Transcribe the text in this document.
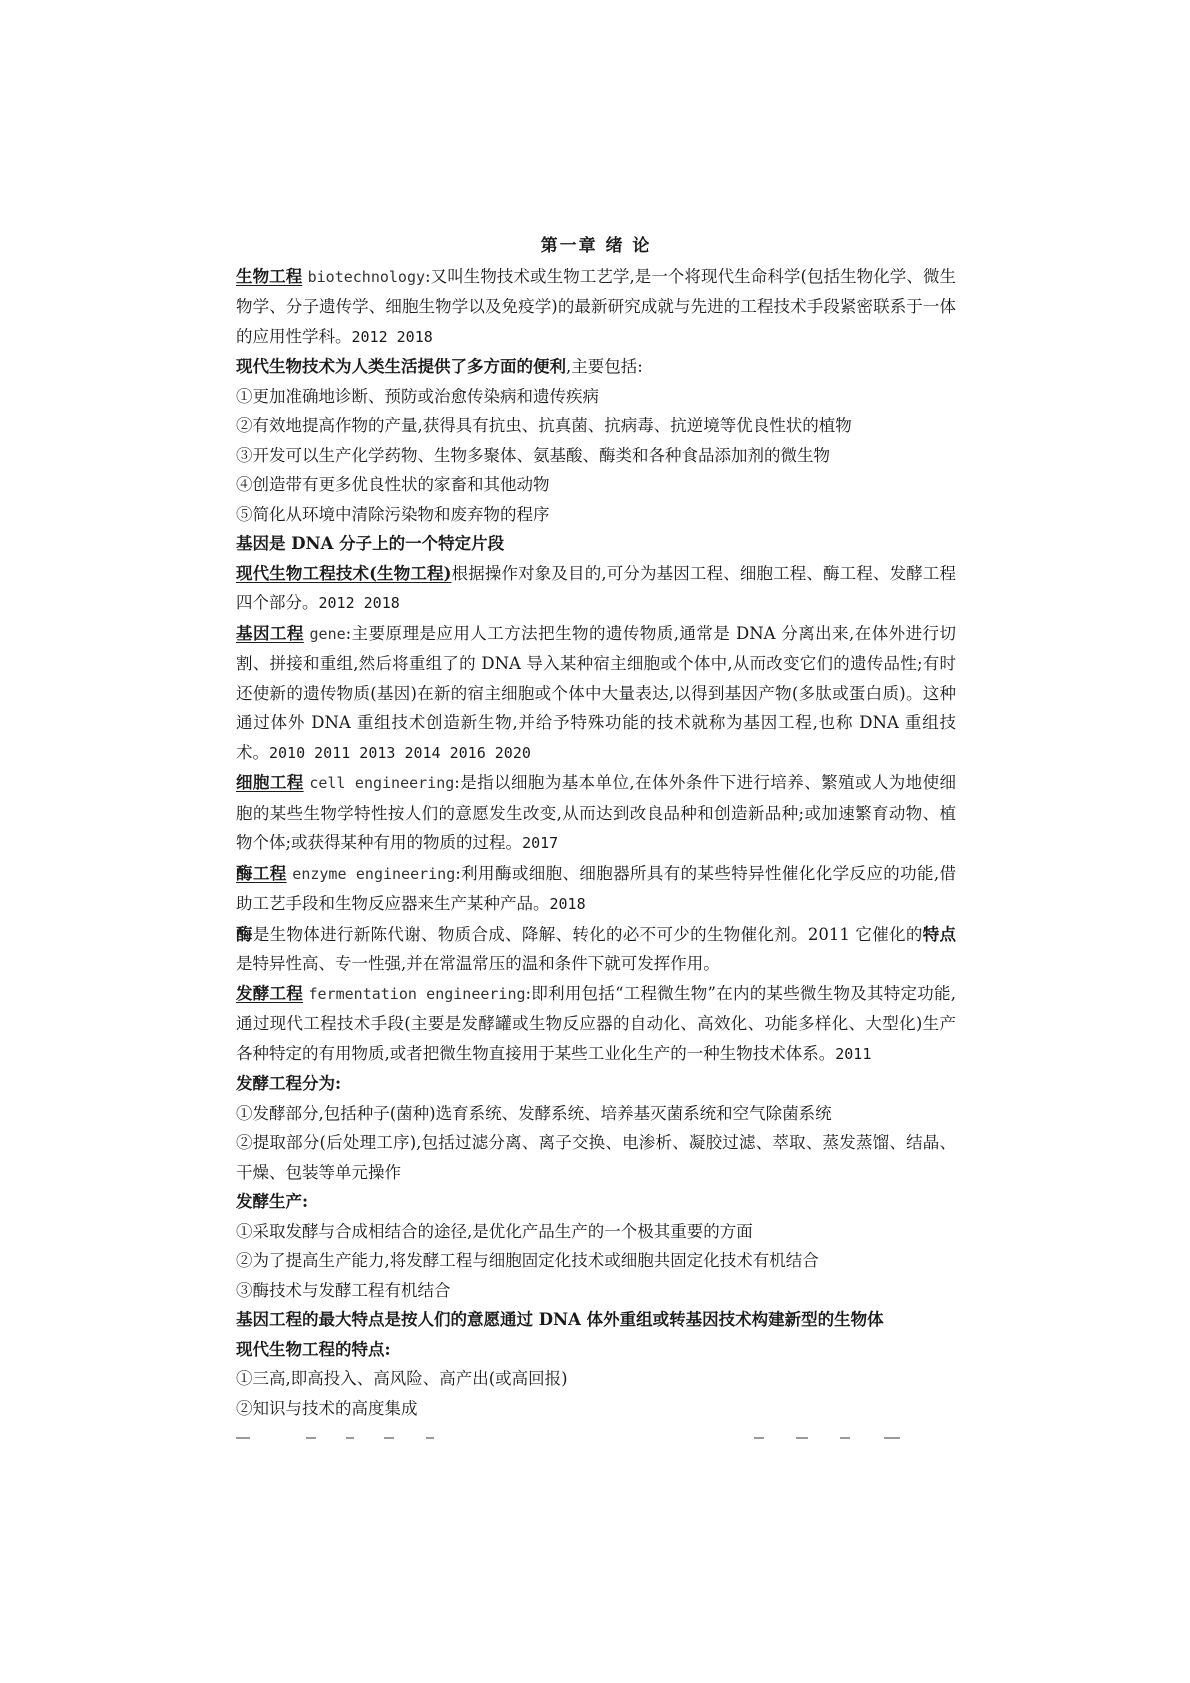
第一章 绪 论

生物工程 biotechnology:又叫生物技术或生物工艺学,是一个将现代生命科学(包括生物化学、微生物学、分子遗传学、细胞生物学以及免疫学)的最新研究成就与先进的工程技术手段紧密联系于一体的应用性学科。2012 2018

现代生物技术为人类生活提供了多方面的便利,主要包括:

①更加准确地诊断、预防或治愈传染病和遗传疾病

②有效地提高作物的产量,获得具有抗虫、抗真菌、抗病毒、抗逆境等优良性状的植物

③开发可以生产化学药物、生物多聚体、氨基酸、酶类和各种食品添加剂的微生物

④创造带有更多优良性状的家畜和其他动物

⑤简化从环境中清除污染物和废弃物的程序

基因是 DNA 分子上的一个特定片段

现代生物工程技术(生物工程)根据操作对象及目的,可分为基因工程、细胞工程、酶工程、发酵工程四个部分。2012 2018

基因工程 gene:主要原理是应用人工方法把生物的遗传物质,通常是 DNA 分离出来,在体外进行切割、拼接和重组,然后将重组了的 DNA 导入某种宿主细胞或个体中,从而改变它们的遗传品性;有时还使新的遗传物质(基因)在新的宿主细胞或个体中大量表达,以得到基因产物(多肽或蛋白质)。这种通过体外 DNA 重组技术创造新生物,并给予特殊功能的技术就称为基因工程,也称 DNA 重组技术。2010 2011 2013 2014 2016 2020

细胞工程 cell engineering:是指以细胞为基本单位,在体外条件下进行培养、繁殖或人为地使细胞的某些生物学特性按人们的意愿发生改变,从而达到改良品种和创造新品种;或加速繁育动物、植物个体;或获得某种有用的物质的过程。2017

酶工程 enzyme engineering:利用酶或细胞、细胞器所具有的某些特异性催化化学反应的功能,借助工艺手段和生物反应器来生产某种产品。2018

酶是生物体进行新陈代谢、物质合成、降解、转化的必不可少的生物催化剂。2011 它催化的特点是特异性高、专一性强,并在常温常压的温和条件下就可发挥作用。

发酵工程 fermentation engineering:即利用包括“工程微生物”在内的某些微生物及其特定功能,通过现代工程技术手段(主要是发酵罐或生物反应器的自动化、高效化、功能多样化、大型化)生产各种特定的有用物质,或者把微生物直接用于某些工业化生产的一种生物技术体系。2011

发酵工程分为:

①发酵部分,包括种子(菌种)选育系统、发酵系统、培养基灭菌系统和空气除菌系统

②提取部分(后处理工序),包括过滤分离、离子交换、电渗析、凝胶过滤、萃取、蒸发蒸馏、结晶、干燥、包装等单元操作

发酵生产:

①采取发酵与合成相结合的途径,是优化产品生产的一个极其重要的方面

②为了提高生产能力,将发酵工程与细胞固定化技术或细胞共固定化技术有机结合

③酶技术与发酵工程有机结合

基因工程的最大特点是按人们的意愿通过 DNA 体外重组或转基因技术构建新型的生物体

现代生物工程的特点:

①三高,即高投入、高风险、高产出(或高回报)

②知识与技术的高度集成
